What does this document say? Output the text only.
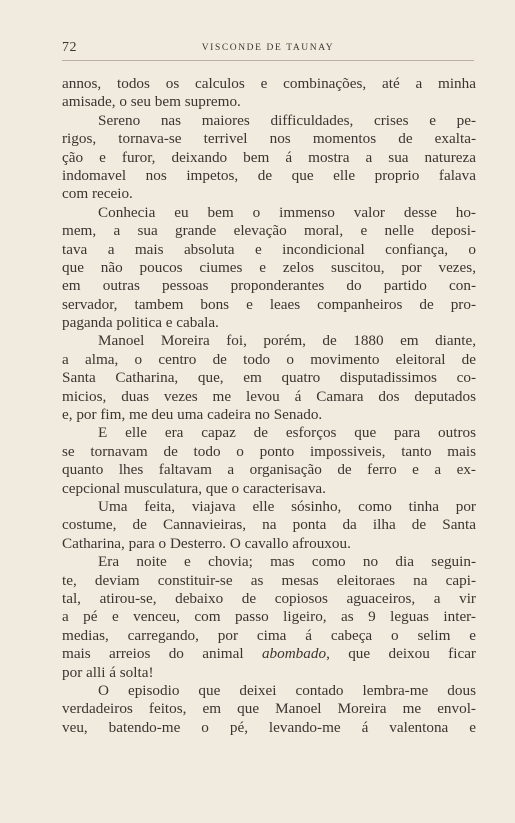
72	VISCONDE DE TAUNAY
annos, todos os calculos e combinações, até a minha
amisade, o seu bem supremo.
Sereno nas maiores difficuldades, crises e pe-
rigos, tornava-se terrivel nos momentos de exalta-
ção e furor, deixando bem á mostra a sua natureza
indomavel nos impetos, de que elle proprio falava
com receio.
Conhecia eu bem o immenso valor desse ho-
mem, a sua grande elevação moral, e nelle deposi-
tava a mais absoluta e incondicional confiança, o
que não poucos ciumes e zelos suscitou, por vezes,
em outras pessoas proponderantes do partido con-
servador, tambem bons e leaes companheiros de pro-
paganda politica e cabala.
Manoel Moreira foi, porém, de 1880 em diante,
a alma, o centro de todo o movimento eleitoral de
Santa Catharina, que, em quatro disputadissimos co-
micios, duas vezes me levou á Camara dos deputados
e, por fim, me deu uma cadeira no Senado.
E elle era capaz de esforços que para outros
se tornavam de todo o ponto impossiveis, tanto mais
quanto lhes faltavam a organisação de ferro e a ex-
cepcional musculatura, que o caracterisava.
Uma feita, viajava elle sósinho, como tinha por
costume, de Cannavieiras, na ponta da ilha de Santa
Catharina, para o Desterro. O cavallo afrouxou.
Era noite e chovia; mas como no dia seguin-
te, deviam constituir-se as mesas eleitoraes na capi-
tal, atirou-se, debaixo de copiosos aguaceiros, a vir
a pé e venceu, com passo ligeiro, as 9 leguas inter-
medias, carregando, por cima á cabeça o selim e
mais arreios do animal abombado, que deixou ficar
por alli á solta!
O episodio que deixei contado lembra-me dous
verdadeiros feitos, em que Manoel Moreira me envol-
veu, batendo-me o pé, levando-me á valentona e
